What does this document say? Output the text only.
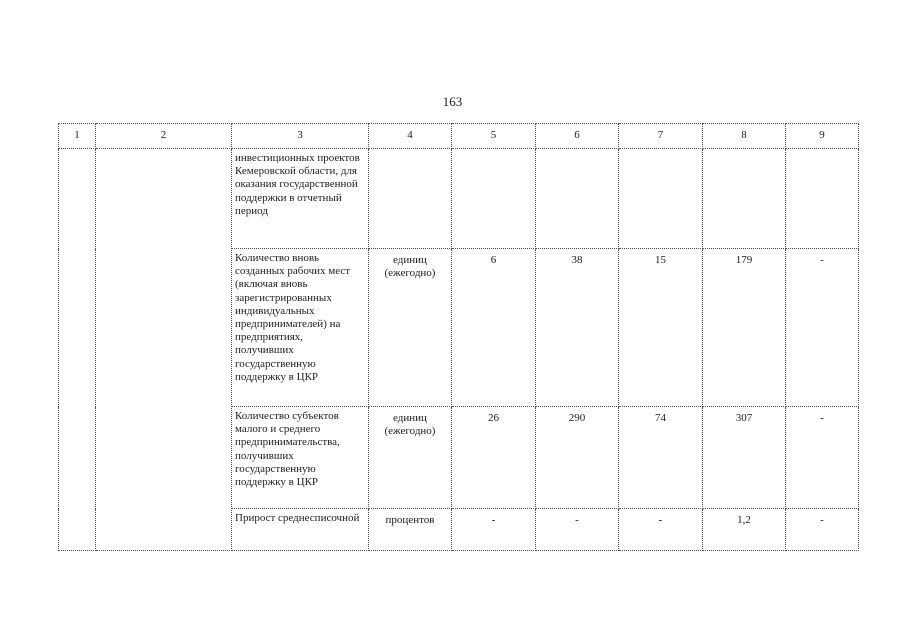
163
1	2	3	4	5	6	7	8	9
		инвестиционных проектов Кемеровской области, для оказания государственной поддержки в отчетный период						
		Количество вновь созданных рабочих мест (включая вновь зарегистрированных индивидуальных предпринимателей) на предприятиях, получивших государственную поддержку в ЦКР	единиц (ежегодно)	6	38	15	179	-
		Количество субъектов малого и среднего предпринимательства, получивших государственную поддержку в ЦКР	единиц (ежегодно)	26	290	74	307	-
		Прирост среднесписочной	процентов	-	-	-	1,2	-
